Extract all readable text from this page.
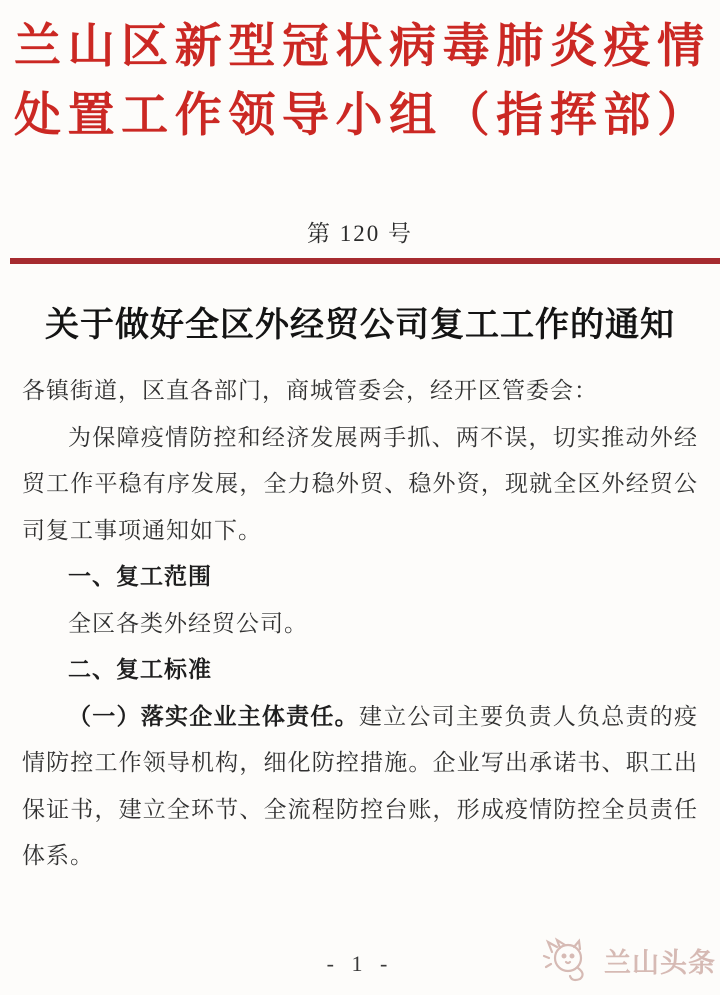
兰山区新型冠状病毒肺炎疫情
处置工作领导小组（指挥部）
第 120 号
关于做好全区外经贸公司复工工作的通知

各镇街道，区直各部门，商城管委会，经开区管委会：

为保障疫情防控和经济发展两手抓、两不误，切实推动外经贸工作平稳有序发展，全力稳外贸、稳外资，现就全区外经贸公司复工事项通知如下。

一、复工范围

全区各类外经贸公司。

二、复工标准

（一）落实企业主体责任。建立公司主要负责人负总责的疫情防控工作领导机构，细化防控措施。企业写出承诺书、职工出保证书，建立全环节、全流程防控台账，形成疫情防控全员责任体系。

- 1 -	兰山头条
